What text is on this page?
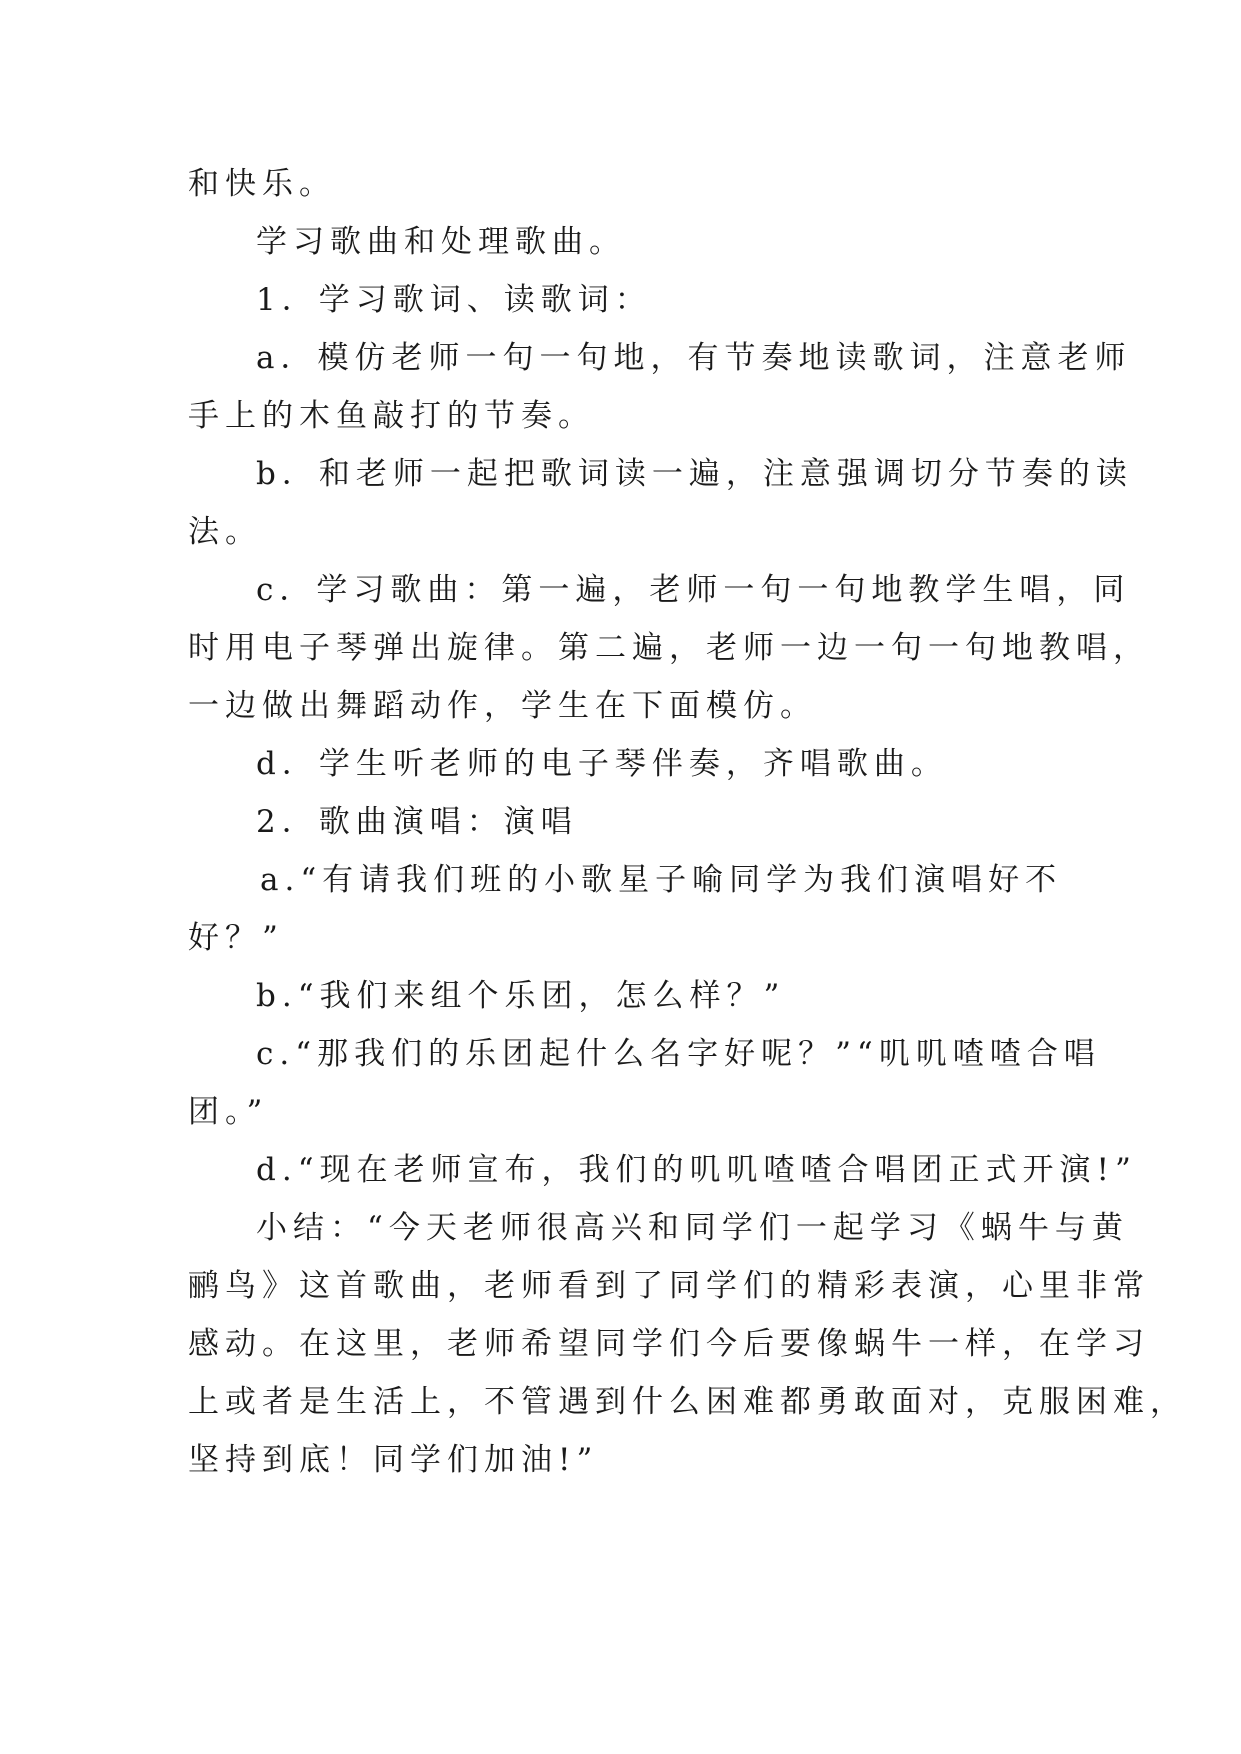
和快乐。
学习歌曲和处理歌曲。
1．学习歌词、读歌词：
a．模仿老师一句一句地，有节奏地读歌词，注意老师
手上的木鱼敲打的节奏。
b．和老师一起把歌词读一遍，注意强调切分节奏的读
法。
c．学习歌曲：第一遍，老师一句一句地教学生唱，同
时用电子琴弹出旋律。第二遍，老师一边一句一句地教唱，
一边做出舞蹈动作，学生在下面模仿。
d．学生听老师的电子琴伴奏，齐唱歌曲。
2．歌曲演唱：演唱
a.“有请我们班的小歌星子喻同学为我们演唱好不
好？”
b.“我们来组个乐团，怎么样？”
c.“那我们的乐团起什么名字好呢？”“叽叽喳喳合唱
团。”
d.“现在老师宣布，我们的叽叽喳喳合唱团正式开演!”
小结：“今天老师很高兴和同学们一起学习《蜗牛与黄
鹂鸟》这首歌曲，老师看到了同学们的精彩表演，心里非常
感动。在这里，老师希望同学们今后要像蜗牛一样，在学习
上或者是生活上，不管遇到什么困难都勇敢面对，克服困难，
坚持到底！同学们加油!”
